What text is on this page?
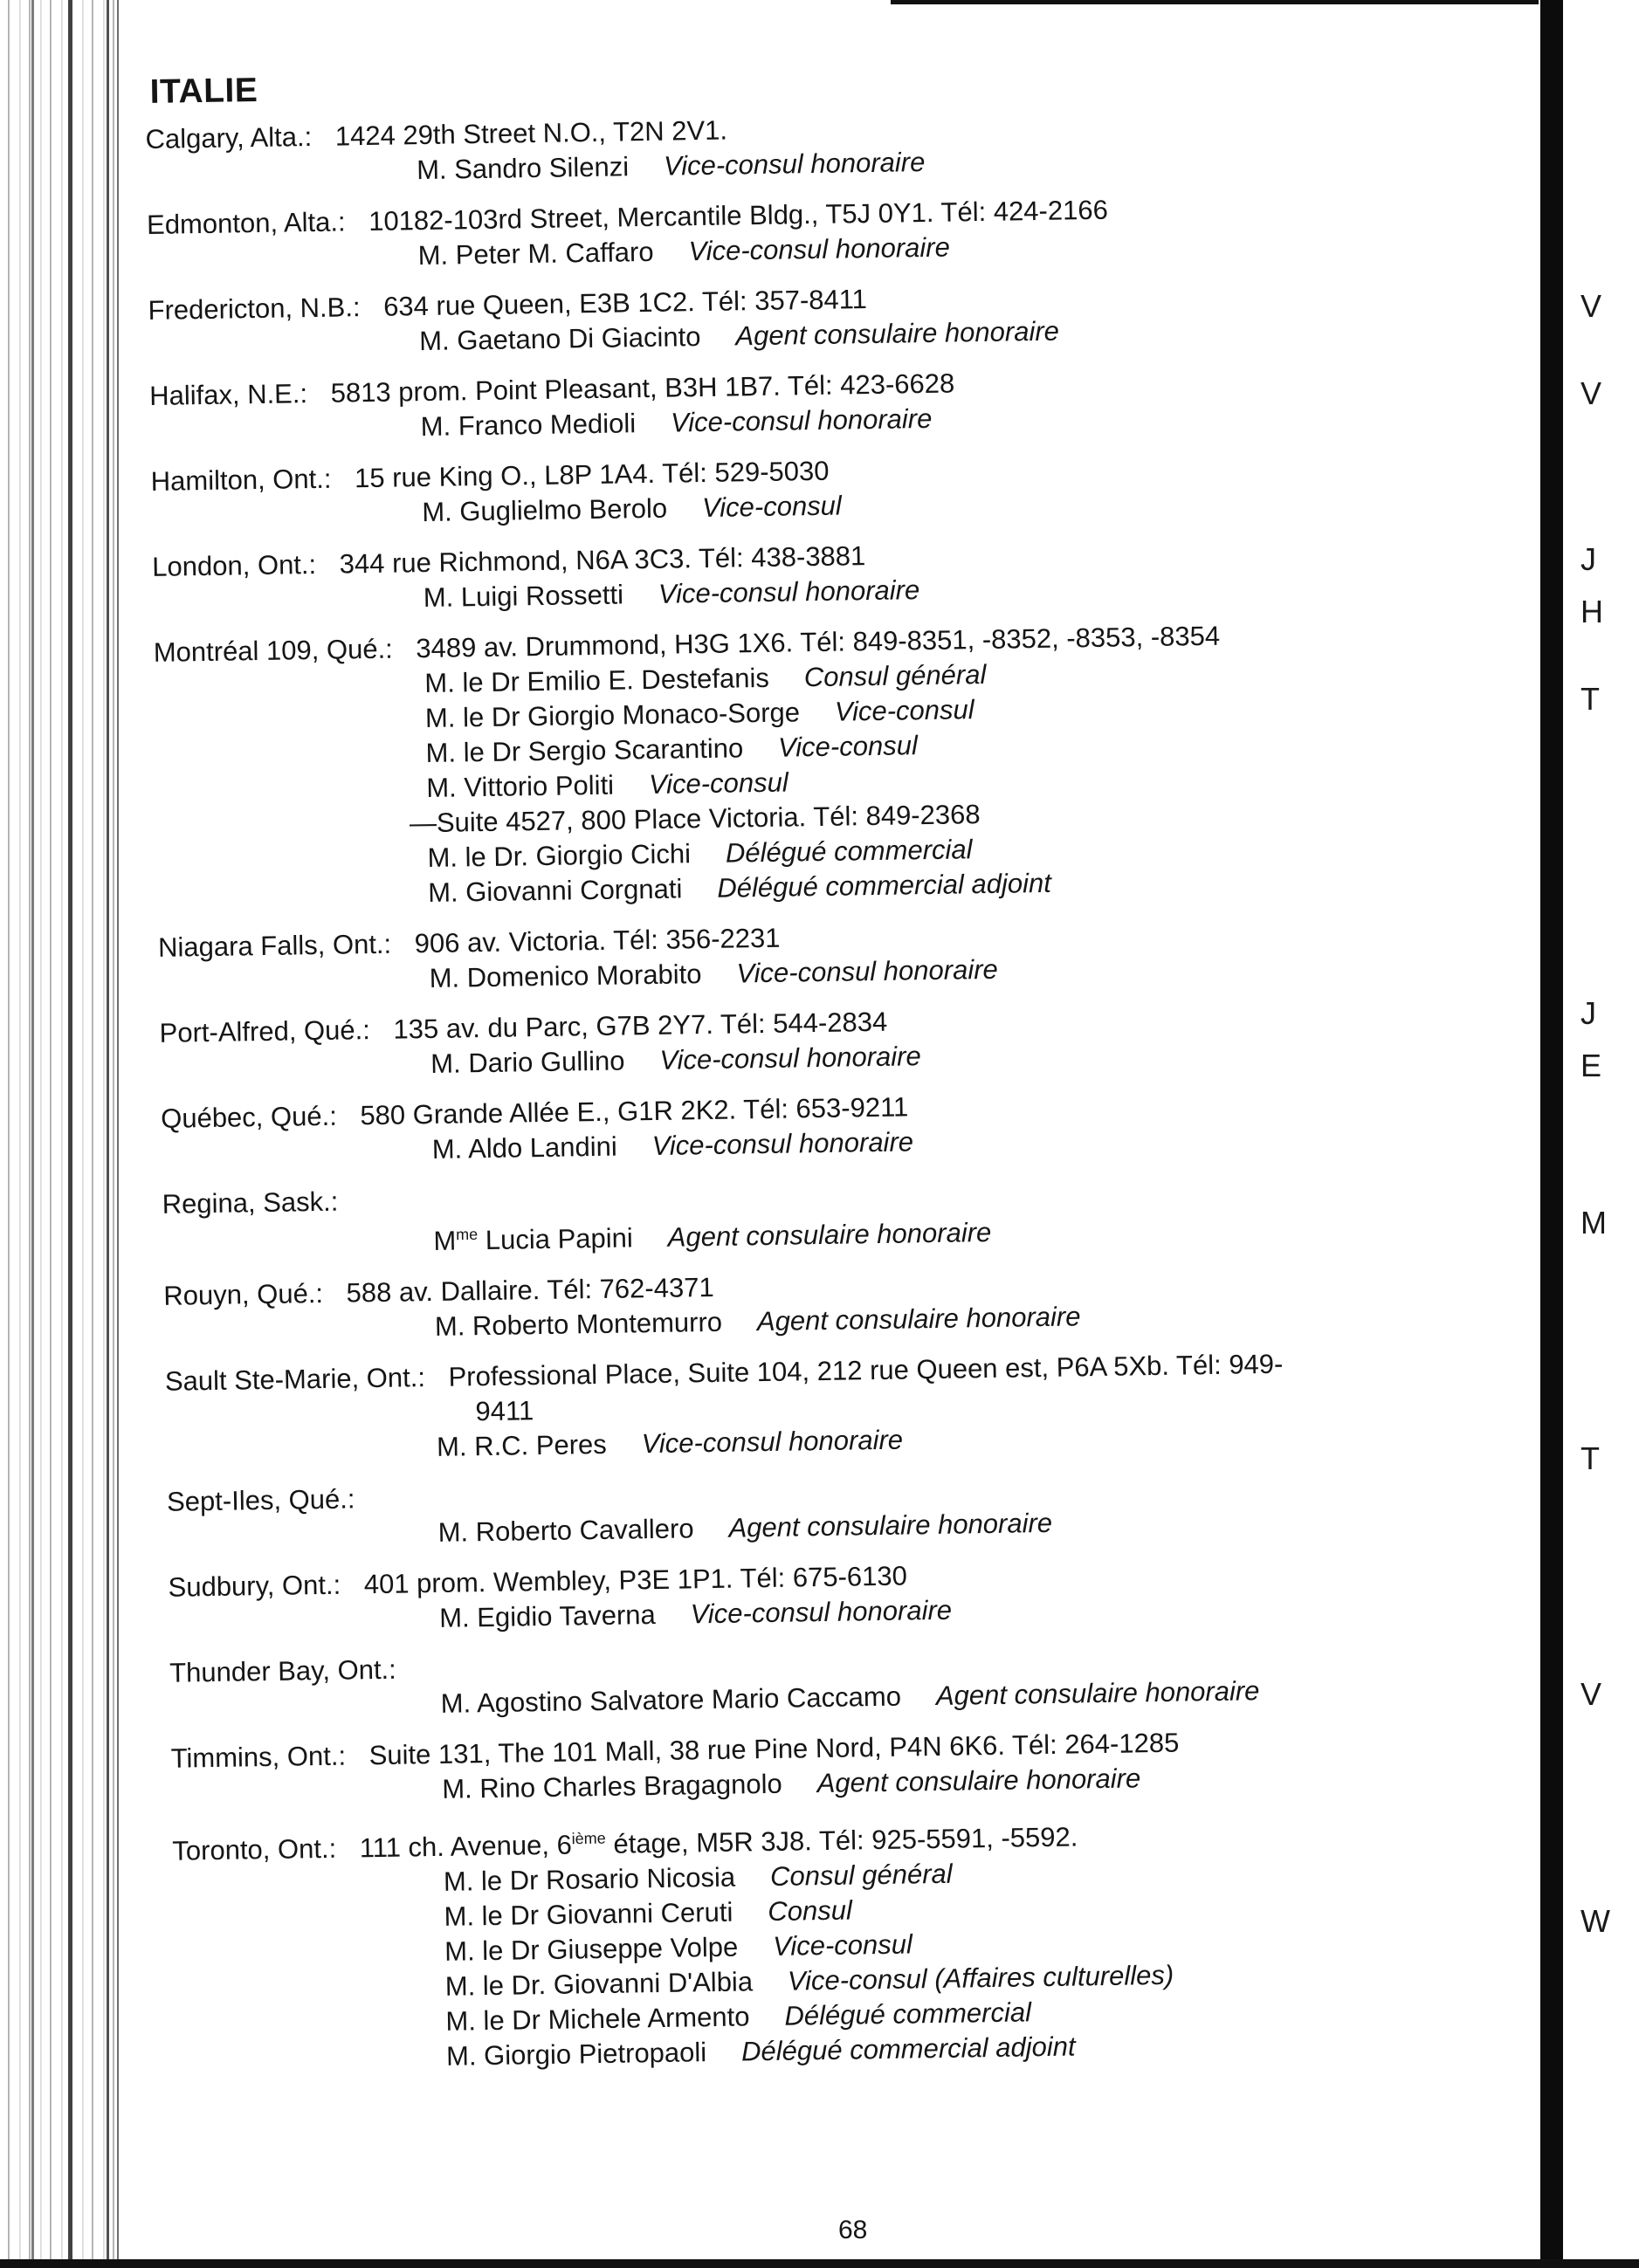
V
V
J
H
T
J
E
M
T
V
W
ITALIE
Calgary, Alta.: 1424 29th Street N.O., T2N 2V1.
M. Sandro Silenzi Vice-consul honoraire
Edmonton, Alta.: 10182-103rd Street, Mercantile Bldg., T5J 0Y1. Tél: 424-2166
M. Peter M. Caffaro Vice-consul honoraire
Fredericton, N.B.: 634 rue Queen, E3B 1C2. Tél: 357-8411
M. Gaetano Di Giacinto Agent consulaire honoraire
Halifax, N.E.: 5813 prom. Point Pleasant, B3H 1B7. Tél: 423-6628
M. Franco Medioli Vice-consul honoraire
Hamilton, Ont.: 15 rue King O., L8P 1A4. Tél: 529-5030
M. Guglielmo Berolo Vice-consul
London, Ont.: 344 rue Richmond, N6A 3C3. Tél: 438-3881
M. Luigi Rossetti Vice-consul honoraire
Montréal 109, Qué.: 3489 av. Drummond, H3G 1X6. Tél: 849-8351, -8352, -8353, -8354
M. le Dr Emilio E. Destefanis Consul général
M. le Dr Giorgio Monaco-Sorge Vice-consul
M. le Dr Sergio Scarantino Vice-consul
M. Vittorio Politi Vice-consul
—Suite 4527, 800 Place Victoria. Tél: 849-2368
M. le Dr. Giorgio Cichi Délégué commercial
M. Giovanni Corgnati Délégué commercial adjoint
Niagara Falls, Ont.: 906 av. Victoria. Tél: 356-2231
M. Domenico Morabito Vice-consul honoraire
Port-Alfred, Qué.: 135 av. du Parc, G7B 2Y7. Tél: 544-2834
M. Dario Gullino Vice-consul honoraire
Québec, Qué.: 580 Grande Allée E., G1R 2K2. Tél: 653-9211
M. Aldo Landini Vice-consul honoraire
Regina, Sask.:
$M^{me}$ Lucia Papini Agent consulaire honoraire
Rouyn, Qué.: 588 av. Dallaire. Tél: 762-4371
M. Roberto Montemurro Agent consulaire honoraire
Sault Ste-Marie, Ont.: Professional Place, Suite 104, 212 rue Queen est, P6A 5Xb. Tél: 949-
9411
M. R.C. Peres Vice-consul honoraire
Sept-Iles, Qué.:
M. Roberto Cavallero Agent consulaire honoraire
Sudbury, Ont.: 401 prom. Wembley, P3E 1P1. Tél: 675-6130
M. Egidio Taverna Vice-consul honoraire
Thunder Bay, Ont.:
M. Agostino Salvatore Mario Caccamo Agent consulaire honoraire
Timmins, Ont.: Suite 131, The 101 Mall, 38 rue Pine Nord, P4N 6K6. Tél: 264-1285
M. Rino Charles Bragagnolo Agent consulaire honoraire
Toronto, Ont.: 111 ch. Avenue, 6ième étage, M5R 3J8. Tél: 925-5591, -5592.
M. le Dr Rosario Nicosia Consul général
M. le Dr Giovanni Ceruti Consul
M. le Dr Giuseppe Volpe Vice-consul
M. le Dr. Giovanni D'Albia Vice-consul (Affaires culturelles)
M. le Dr Michele Armento Délégué commercial
M. Giorgio Pietropaoli Délégué commercial adjoint
68
